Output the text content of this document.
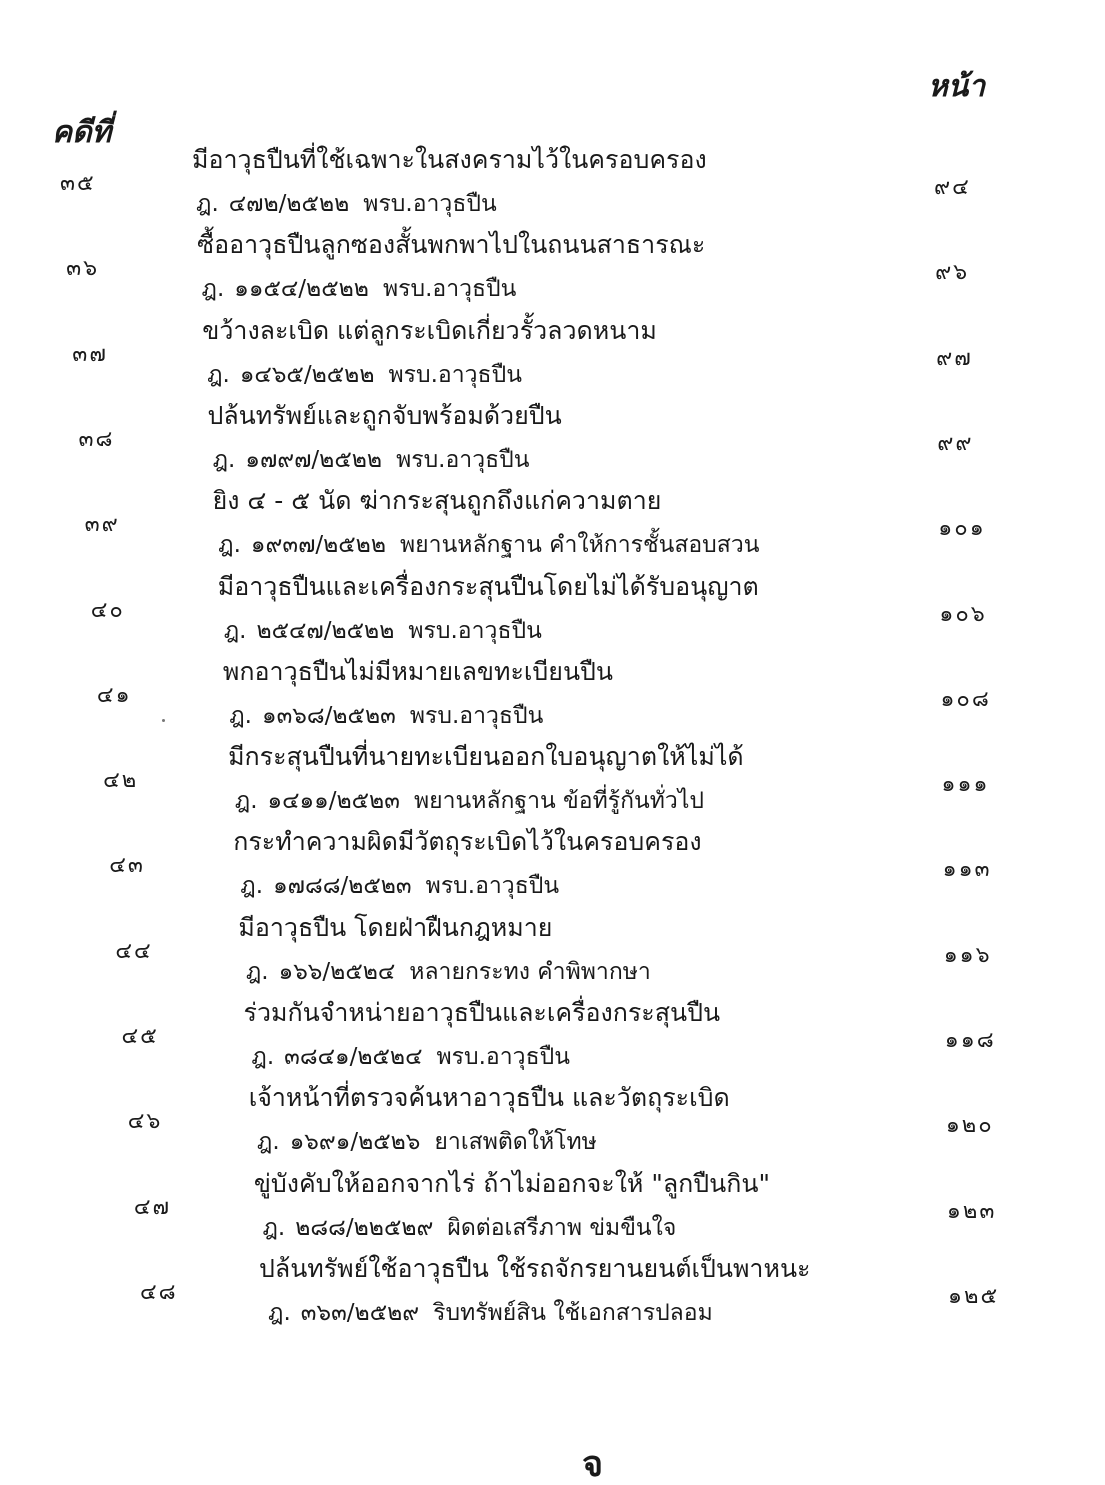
คดีที่
หน้า
๓๕
มีอาวุธปืนที่ใช้เฉพาะในสงครามไว้ในครอบครอง
ฎ. ๔๗๒/๒๕๒๒ พรบ.อาวุธปืน
๙๔
๓๖
ซื้ออาวุธปืนลูกซองสั้นพกพาไปในถนนสาธารณะ
ฎ. ๑๑๕๔/๒๕๒๒ พรบ.อาวุธปืน
๙๖
๓๗
ขว้างละเบิด แต่ลูกระเบิดเกี่ยวรั้วลวดหนาม
ฎ. ๑๔๖๕/๒๕๒๒ พรบ.อาวุธปืน
๙๗
๓๘
ปล้นทรัพย์และถูกจับพร้อมด้วยปืน
ฎ. ๑๗๙๗/๒๕๒๒ พรบ.อาวุธปืน
๙๙
๓๙
ยิง ๔ - ๕ นัด ฆ่ากระสุนถูกถึงแก่ความตาย
ฎ. ๑๙๓๗/๒๕๒๒ พยานหลักฐาน คำให้การชั้นสอบสวน
๑๐๑
๔๐
มีอาวุธปืนและเครื่องกระสุนปืนโดยไม่ได้รับอนุญาต
ฎ. ๒๕๔๗/๒๕๒๒ พรบ.อาวุธปืน
๑๐๖
๔๑
พกอาวุธปืนไม่มีหมายเลขทะเบียนปืน
ฎ. ๑๓๖๘/๒๕๒๓ พรบ.อาวุธปืน
๑๐๘
๔๒
มีกระสุนปืนที่นายทะเบียนออกใบอนุญาตให้ไม่ได้
ฎ. ๑๔๑๑/๒๕๒๓ พยานหลักฐาน ข้อที่รู้กันทั่วไป
๑๑๑
๔๓
กระทำความผิดมีวัตถุระเบิดไว้ในครอบครอง
ฎ. ๑๗๘๘/๒๕๒๓ พรบ.อาวุธปืน
๑๑๓
๔๔
มีอาวุธปืน โดยฝ่าฝืนกฎหมาย
ฎ. ๑๖๖/๒๕๒๔ หลายกระทง คำพิพากษา
๑๑๖
๔๕
ร่วมกันจำหน่ายอาวุธปืนและเครื่องกระสุนปืน
ฎ. ๓๘๔๑/๒๕๒๔ พรบ.อาวุธปืน
๑๑๘
๔๖
เจ้าหน้าที่ตรวจค้นหาอาวุธปืน และวัตถุระเบิด
ฎ. ๑๖๙๑/๒๕๒๖ ยาเสพติดให้โทษ
๑๒๐
๔๗
ขู่บังคับให้ออกจากไร่ ถ้าไม่ออกจะให้ "ลูกปืนกิน"
ฎ. ๒๘๘/๒๒๕๒๙ ผิดต่อเสรีภาพ ข่มขืนใจ
๑๒๓
๔๘
ปล้นทรัพย์ใช้อาวุธปืน ใช้รถจักรยานยนต์เป็นพาหนะ
ฎ. ๓๖๓/๒๕๒๙ ริบทรัพย์สิน ใช้เอกสารปลอม
๑๒๕
จ
